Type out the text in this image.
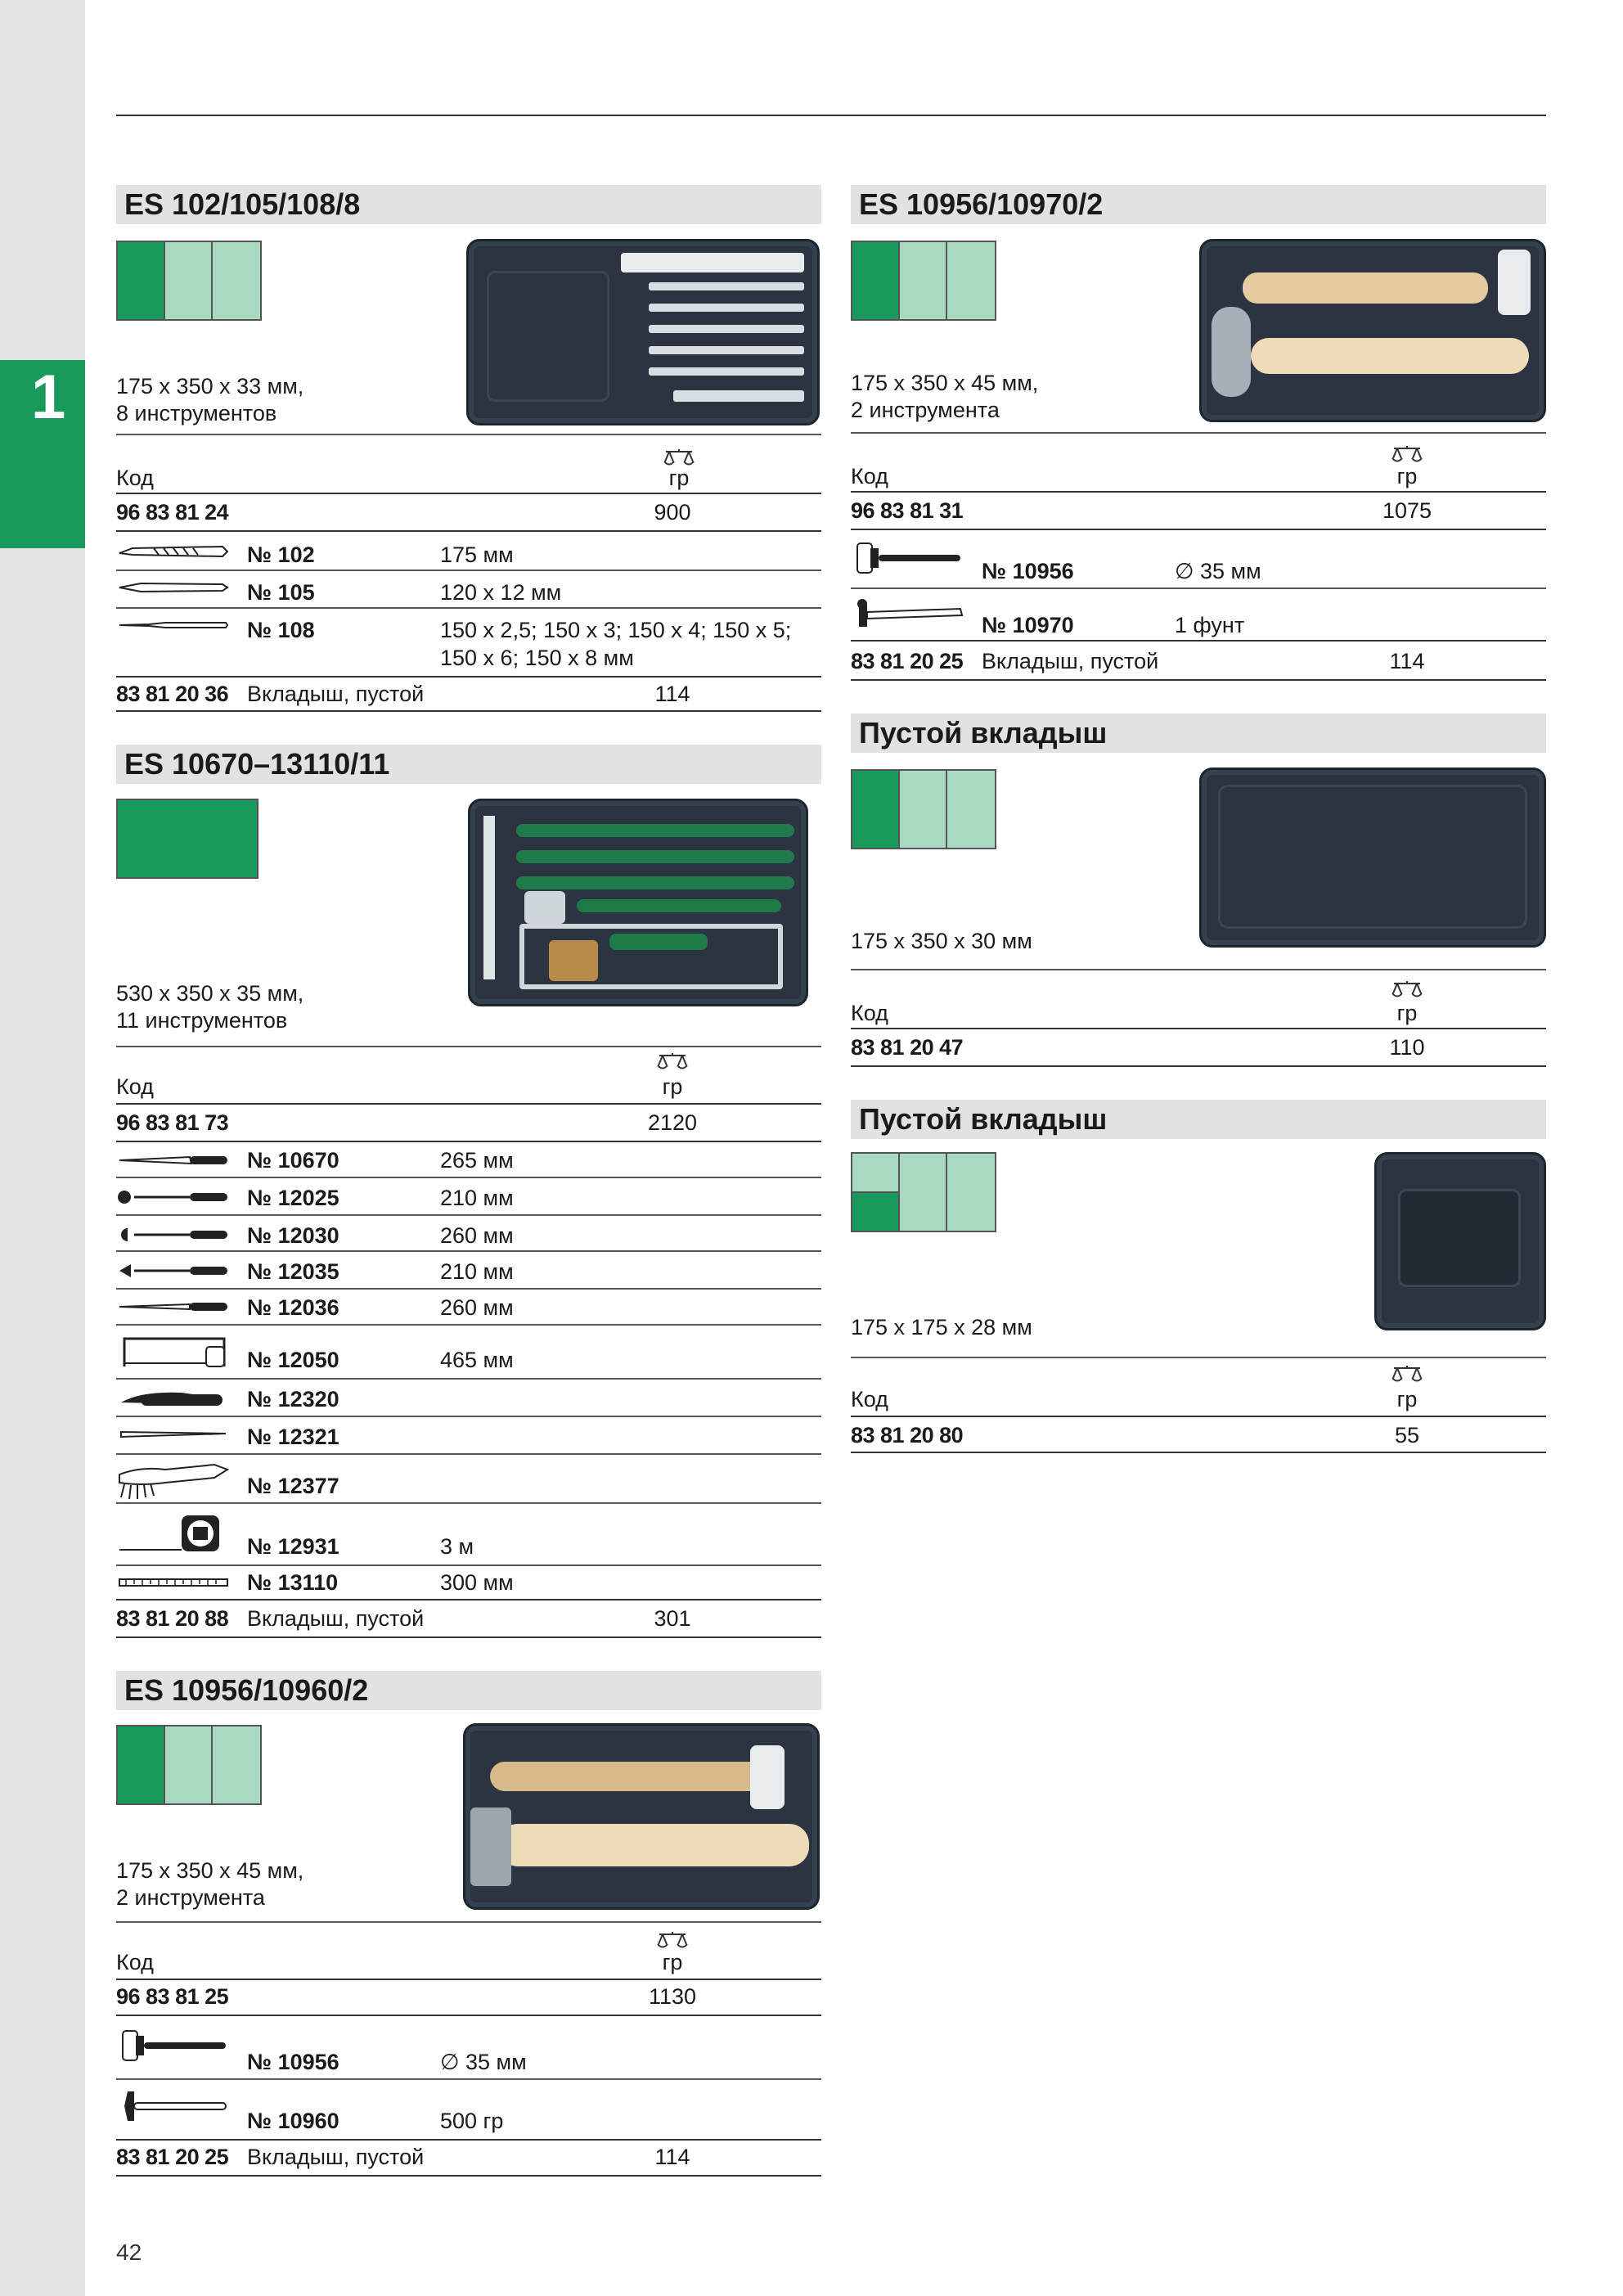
1
42
ES 102/105/108/8
175 x 350 x 33 мм,
8 инструментов
Код	гр
96 83 81 24	900
№ 102	175 мм
№ 105	120 x 12 мм
№ 108	150 x 2,5; 150 x 3; 150 x 4; 150 x 5;
150 x 6; 150 x 8 мм
83 81 20 36 Вкладыш, пустой	114
ES 10670–13110/11
530 x 350 x 35 мм,
11 инструментов
Код	гр
96 83 81 73	2120
№ 10670	265 мм
№ 12025	210 мм
№ 12030	260 мм
№ 12035	210 мм
№ 12036	260 мм
№ 12050	465 мм
№ 12320
№ 12321
№ 12377
№ 12931	3 м
№ 13110	300 мм
83 81 20 88 Вкладыш, пустой	301
ES 10956/10960/2
175 x 350 x 45 мм,
2 инструмента
Код	гр
96 83 81 25	1130
№ 10956	∅ 35 мм
№ 10960	500 гр
83 81 20 25 Вкладыш, пустой	114
ES 10956/10970/2
175 x 350 x 45 мм,
2 инструмента
Код	гр
96 83 81 31	1075
№ 10956	∅ 35 мм
№ 10970	1 фунт
83 81 20 25 Вкладыш, пустой	114
Пустой вкладыш
175 x 350 x 30 мм
Код	гр
83 81 20 47	110
Пустой вкладыш
175 x 175 x 28 мм
Код	гр
83 81 20 80	55
